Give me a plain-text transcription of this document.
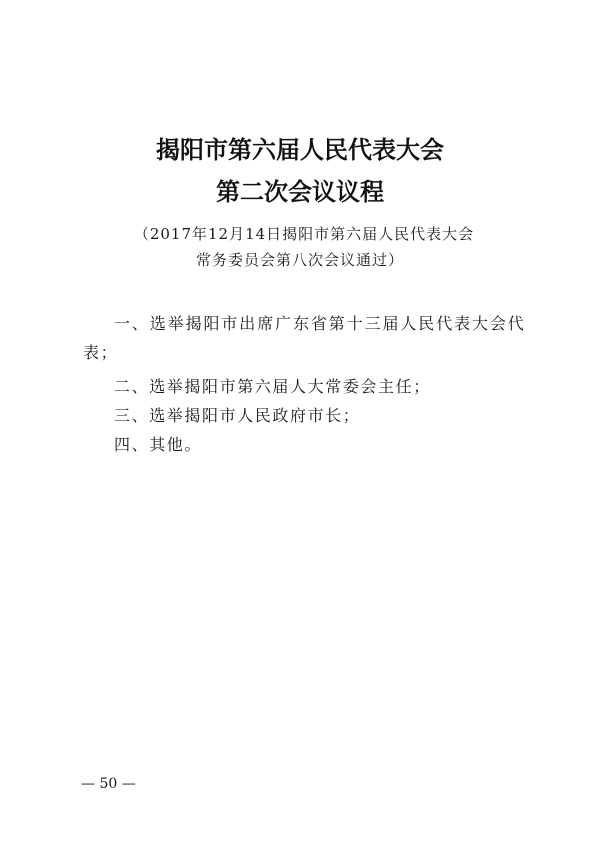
揭阳市第六届人民代表大会
第二次会议议程
（2017年12月14日揭阳市第六届人民代表大会
常务委员会第八次会议通过）
一、选举揭阳市出席广东省第十三届人民代表大会代
表；
二、选举揭阳市第六届人大常委会主任；
三、选举揭阳市人民政府市长；
四、其他。
— 50 —
